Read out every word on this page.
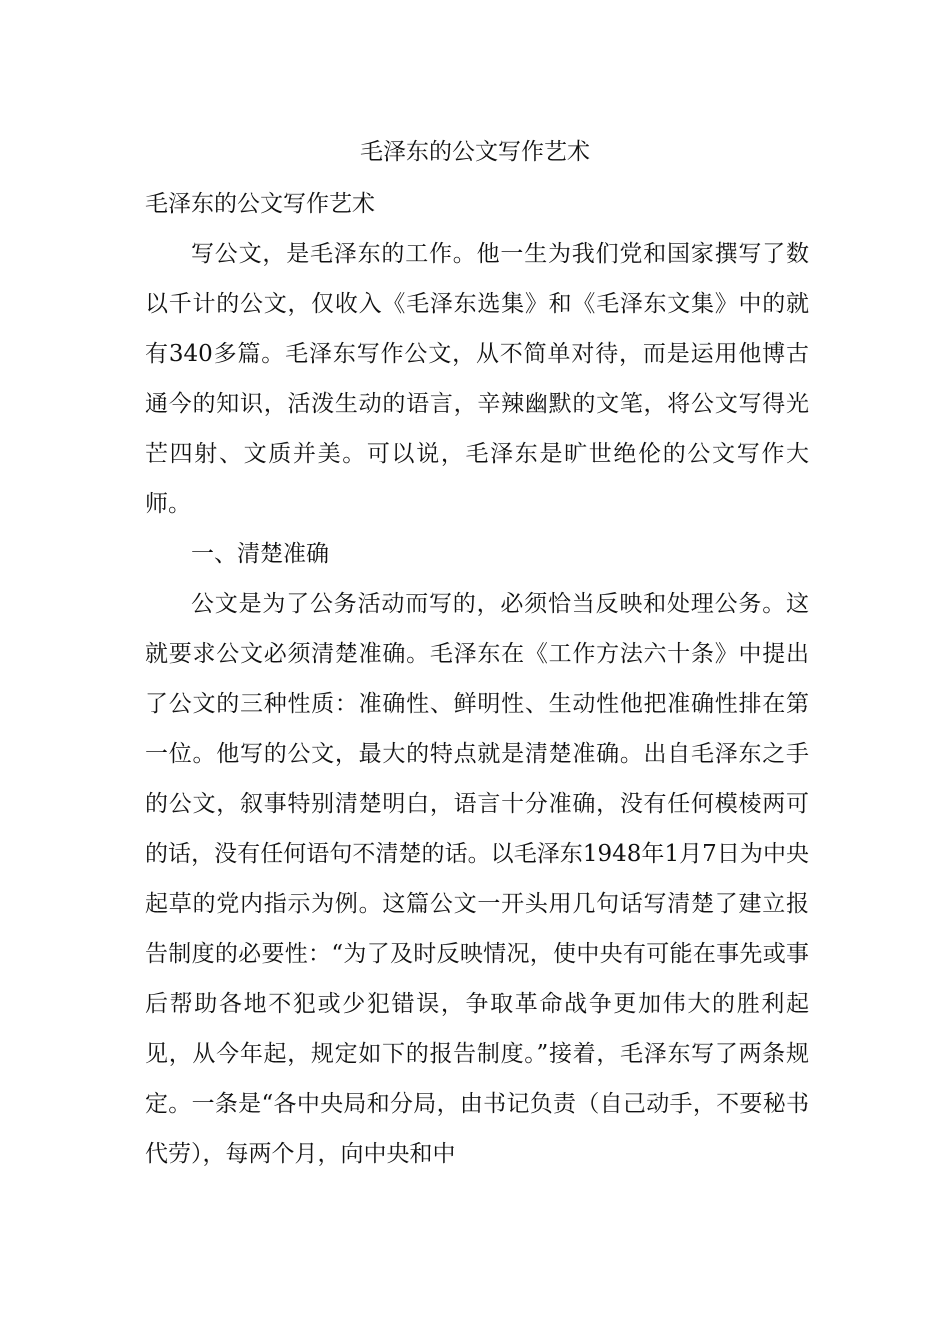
毛泽东的公文写作艺术

毛泽东的公文写作艺术

写公文，是毛泽东的工作。他一生为我们党和国家撰写了数以千计的公文，仅收入《毛泽东选集》和《毛泽东文集》中的就有340多篇。毛泽东写作公文，从不简单对待，而是运用他博古通今的知识，活泼生动的语言，辛辣幽默的文笔，将公文写得光芒四射、文质并美。可以说，毛泽东是旷世绝伦的公文写作大师。

一、清楚准确

公文是为了公务活动而写的，必须恰当反映和处理公务。这就要求公文必须清楚准确。毛泽东在《工作方法六十条》中提出了公文的三种性质：准确性、鲜明性、生动性他把准确性排在第一位。他写的公文，最大的特点就是清楚准确。出自毛泽东之手的公文，叙事特别清楚明白，语言十分准确，没有任何模棱两可的话，没有任何语句不清楚的话。以毛泽东1948年1月7日为中央起草的党内指示为例。这篇公文一开头用几句话写清楚了建立报告制度的必要性：“为了及时反映情况，使中央有可能在事先或事后帮助各地不犯或少犯错误，争取革命战争更加伟大的胜利起见，从今年起，规定如下的报告制度。”接着，毛泽东写了两条规定。一条是“各中央局和分局，由书记负责（自己动手，不要秘书代劳），每两个月，向中央和中
